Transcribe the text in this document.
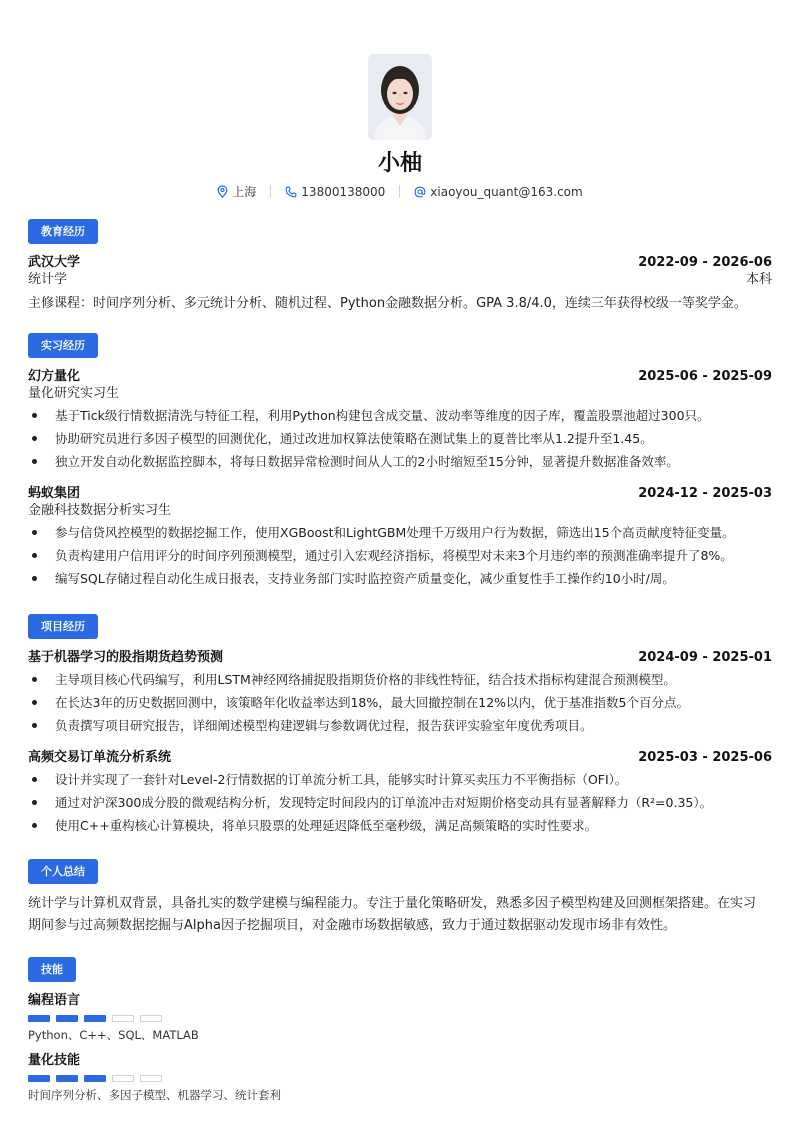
小柚
上海	13800138000	xiaoyou_quant@163.com
教育经历
武汉大学	2022-09 - 2026-06
统计学	本科
主修课程：时间序列分析、多元统计分析、随机过程、Python金融数据分析。GPA 3.8/4.0，连续三年获得校级一等奖学金。
实习经历
幻方量化	2025-06 - 2025-09
量化研究实习生
基于Tick级行情数据清洗与特征工程，利用Python构建包含成交量、波动率等维度的因子库，覆盖股票池超过300只。
协助研究员进行多因子模型的回测优化，通过改进加权算法使策略在测试集上的夏普比率从1.2提升至1.45。
独立开发自动化数据监控脚本，将每日数据异常检测时间从人工的2小时缩短至15分钟，显著提升数据准备效率。
蚂蚁集团	2024-12 - 2025-03
金融科技数据分析实习生
参与信贷风控模型的数据挖掘工作，使用XGBoost和LightGBM处理千万级用户行为数据，筛选出15个高贡献度特征变量。
负责构建用户信用评分的时间序列预测模型，通过引入宏观经济指标，将模型对未来3个月违约率的预测准确率提升了8%。
编写SQL存储过程自动化生成日报表，支持业务部门实时监控资产质量变化，减少重复性手工操作约10小时/周。
项目经历
基于机器学习的股指期货趋势预测	2024-09 - 2025-01
主导项目核心代码编写，利用LSTM神经网络捕捉股指期货价格的非线性特征，结合技术指标构建混合预测模型。
在长达3年的历史数据回测中，该策略年化收益率达到18%，最大回撤控制在12%以内，优于基准指数5个百分点。
负责撰写项目研究报告，详细阐述模型构建逻辑与参数调优过程，报告获评实验室年度优秀项目。
高频交易订单流分析系统	2025-03 - 2025-06
设计并实现了一套针对Level-2行情数据的订单流分析工具，能够实时计算买卖压力不平衡指标（OFI）。
通过对沪深300成分股的微观结构分析，发现特定时间段内的订单流冲击对短期价格变动具有显著解释力（R²=0.35）。
使用C++重构核心计算模块，将单只股票的处理延迟降低至毫秒级，满足高频策略的实时性要求。
个人总结
统计学与计算机双背景，具备扎实的数学建模与编程能力。专注于量化策略研发，熟悉多因子模型构建及回测框架搭建。在实习
期间参与过高频数据挖掘与Alpha因子挖掘项目，对金融市场数据敏感，致力于通过数据驱动发现市场非有效性。
技能
编程语言
Python、C++、SQL、MATLAB
量化技能
时间序列分析、多因子模型、机器学习、统计套利
